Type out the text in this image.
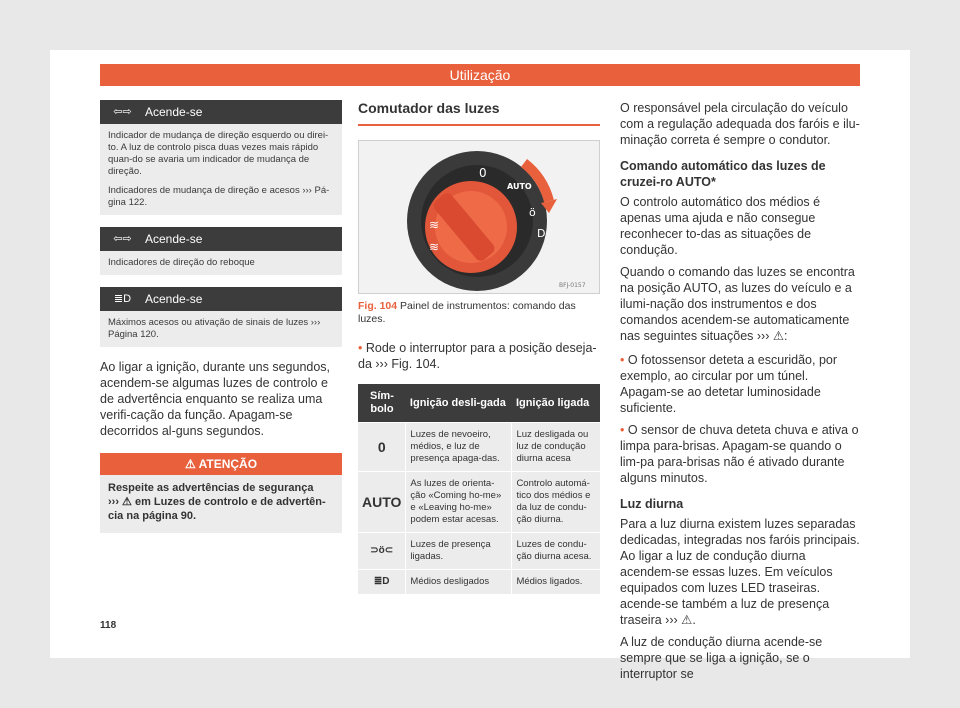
Utilização
⇦⇨	Acende-se

Indicador de mudança de direção esquerdo ou direi-to. A luz de controlo pisca duas vezes mais rápido quan-do se avaria um indicador de mudança de direção.

Indicadores de mudança de direção e acesos ››› Pá-gina 122.

⇦⇨	Acende-se

Indicadores de direção do reboque

≣D	Acende-se

Máximos acesos ou ativação de sinais de luzes ››› Página 120.

Ao ligar a ignição, durante uns segundos, acendem-se algumas luzes de controlo e de advertência enquanto se realiza uma verifi-cação da função. Apagam-se decorridos al-guns segundos.

⚠ ATENÇÃO
Respeite as advertências de segurança
››› ⚠ em Luzes de controlo e de advertên-cia na página 90.
Comutador das luzes
≋
≋
D
ö
0
AUTO
BFJ-0157
Fig. 104 Painel de instrumentos: comando das luzes.

• Rode o interruptor para a posição deseja-da ››› Fig. 104.

Sím-bolo	Ignição desli-gada	Ignição ligada
0	Luzes de nevoeiro, médios, e luz de presença apaga-das.	Luz desligada ou luz de condução diurna acesa
AUTO	As luzes de orienta-ção «Coming ho-me» e «Leaving ho-me» podem estar acesas.	Controlo automá-tico dos médios e da luz de condu-ção diurna.
⊃ö⊂	Luzes de presença ligadas.	Luzes de condu-ção diurna acesa.
≣D	Médios desligados	Médios ligados.

O responsável pela circulação do veículo com a regulação adequada dos faróis e ilu-minação correta é sempre o condutor.

Comando automático das luzes de cruzei-ro AUTO*

O controlo automático dos médios é apenas uma ajuda e não consegue reconhecer to-das as situações de condução.

Quando o comando das luzes se encontra na posição AUTO, as luzes do veículo e a ilumi-nação dos instrumentos e dos comandos acendem-se automaticamente nas seguintes situações ››› ⚠:

• O fotossensor deteta a escuridão, por exemplo, ao circular por um túnel. Apagam-se ao detetar luminosidade suficiente.

• O sensor de chuva deteta chuva e ativa o limpa para-brisas. Apagam-se quando o lim-pa para-brisas não é ativado durante alguns minutos.

Luz diurna

Para a luz diurna existem luzes separadas dedicadas, integradas nos faróis principais. Ao ligar a luz de condução diurna acendem-se essas luzes. Em veículos equipados com luzes LED traseiras. acende-se também a luz de presença traseira ››› ⚠.

A luz de condução diurna acende-se sempre que se liga a ignição, se o interruptor se

118
